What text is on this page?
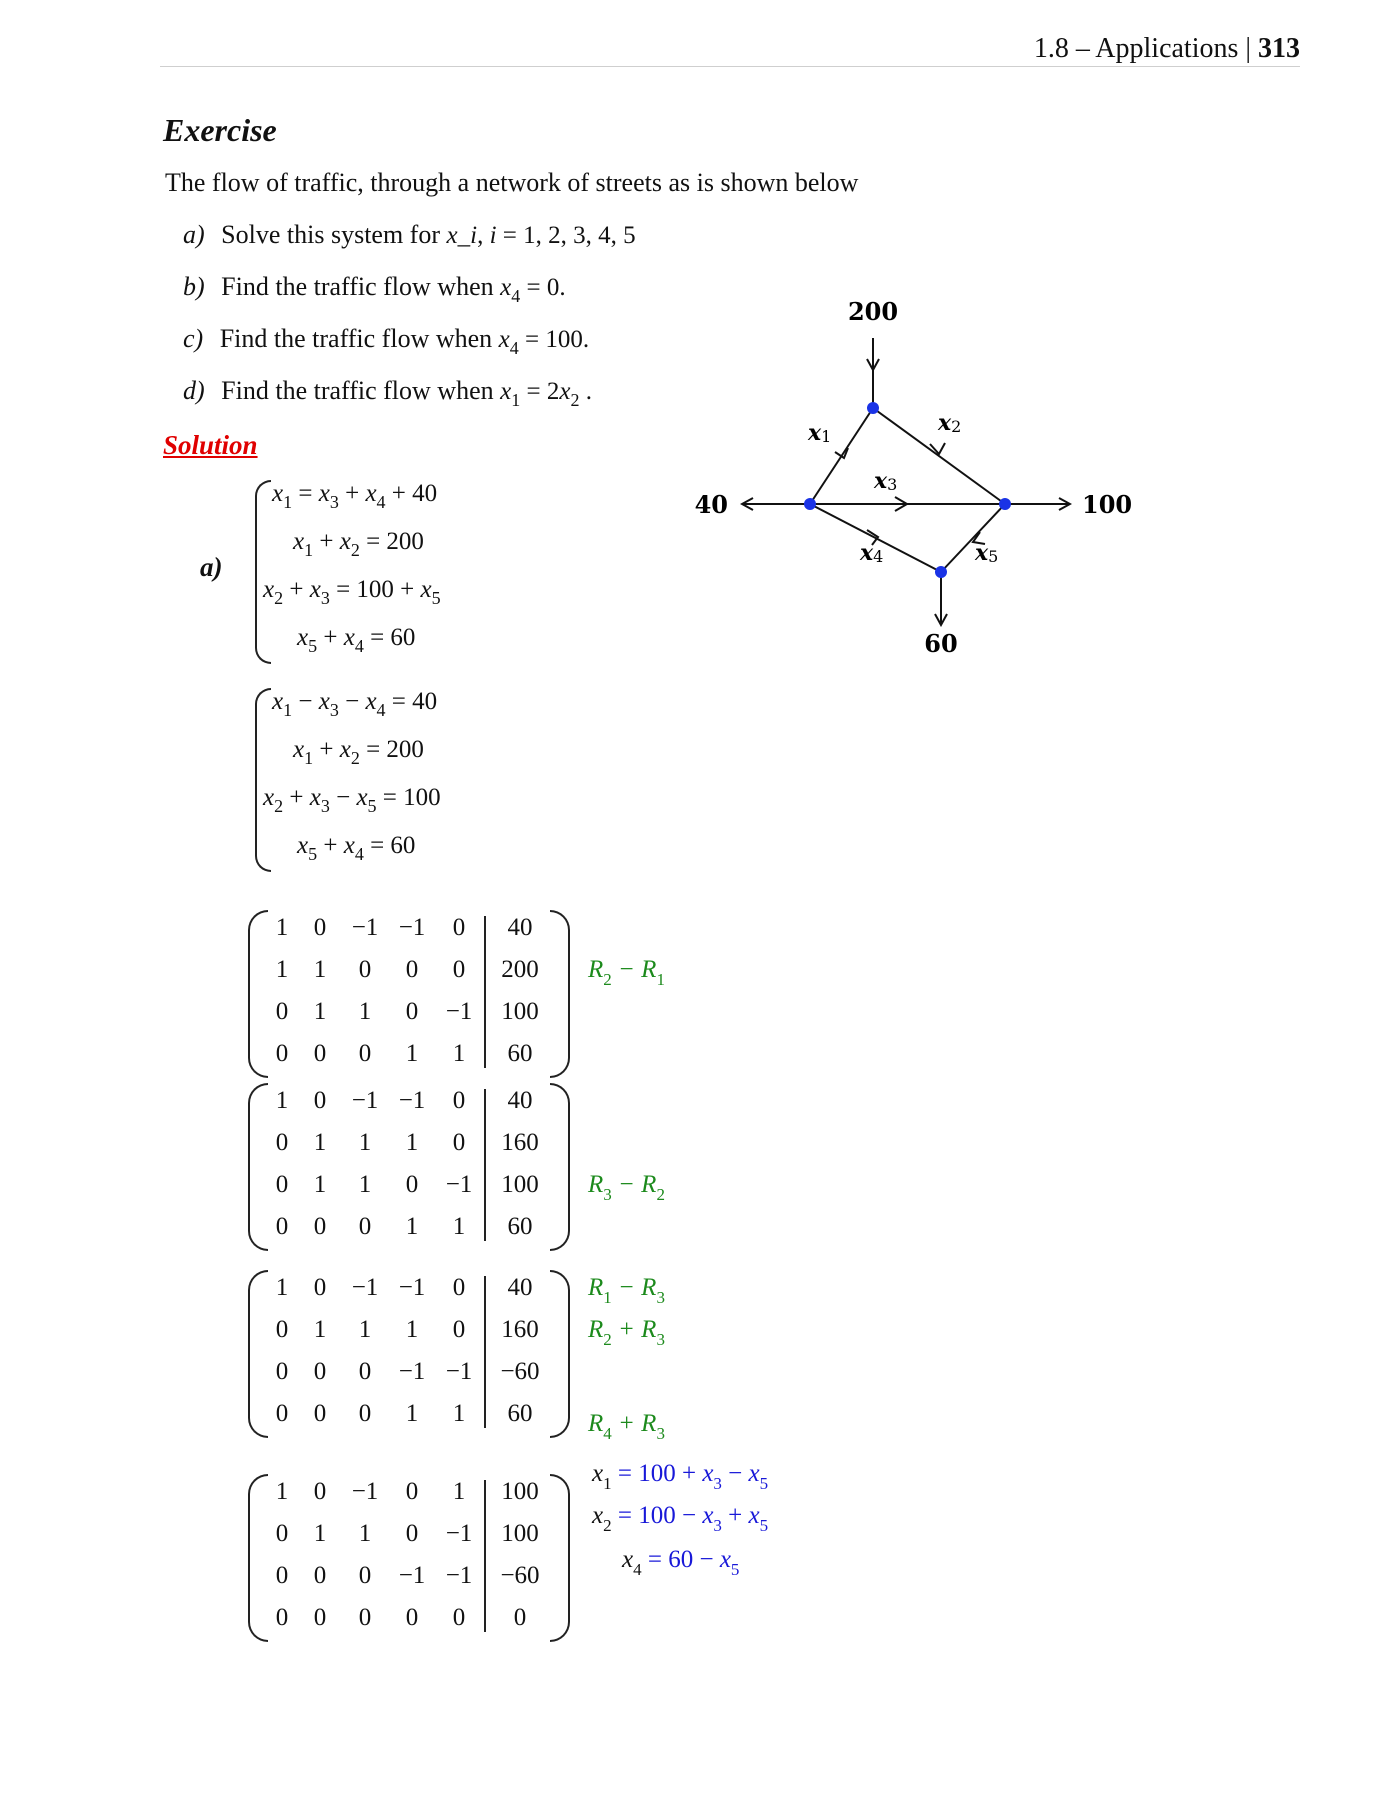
1.8 – Applications | 313
Exercise
The flow of traffic, through a network of streets as is shown below
a) Solve this system for x_i, i = 1, 2, 3, 4, 5
b) Find the traffic flow when $x_4 = 0$.
c) Find the traffic flow when $x_4 = 100$.
d) Find the traffic flow when $x_1 = 2x_2$ .
Solution
a)
$x_1 = x_3 + x_4 + 40$
$x_1 + x_2 = 200$
$x_2 + x_3 = 100 + x_5$
$x_5 + x_4 = 60$
$x_1 - x_3 - x_4 = 40$
$x_1 + x_2 = 200$
$x_2 + x_3 - x_5 = 100$
$x_5 + x_4 = 60$
1	0	−1 −1	0	40
1	1	0	0	0	200	$R_2 - R_1$
0	1	1	0	−1	100
0	0	0	1	1	60
1	0	−1 −1	0	40
0	1	1	1	0	160
0	1	1	0	−1	100	$R_3 - R_2$
0	0	0	1	1	60
1	0	−1 −1	0	40	$R_1 - R_3$
0	1	1	1	0	160	$R_2 + R_3$
0	0	0	−1 −1	−60
0	0	0	1	1	60	$R_4 + R_3$
1	0	−1	0	1	100
0	1	1	0	−1	100
0	0	0	−1 −1	−60
0	0	0	0	0	0
$x_1 = 100 + x_3 - x_5$
$x_2 = 100 - x_3 + x_5$
$x_4 = 60 - x_5$
200
40	100
60
x1
x2
x3
x4	x5
